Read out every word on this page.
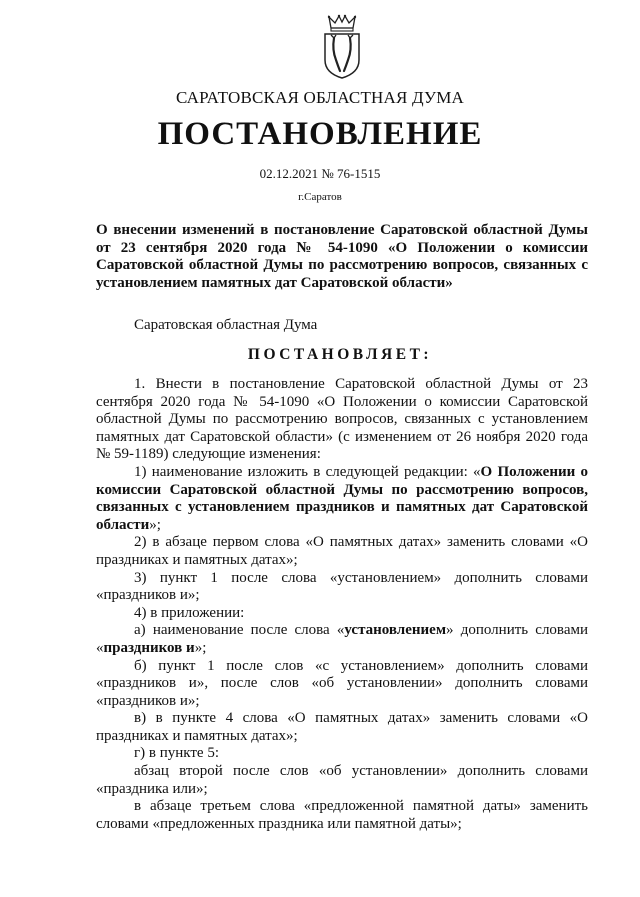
САРАТОВСКАЯ ОБЛАСТНАЯ ДУМА
ПОСТАНОВЛЕНИЕ
02.12.2021 № 76-1515
г.Саратов
О внесении изменений в постановление Саратовской областной Думы от 23 сентября 2020 года № 54-1090 «О Положении о комиссии Саратовской областной Думы по рассмотрению вопросов, связанных с установлением памятных дат Саратовской области»
Саратовская областная Дума
ПОСТАНОВЛЯЕТ:

1. Внести в постановление Саратовской областной Думы от 23 сентября 2020 года № 54-1090 «О Положении о комиссии Саратовской областной Думы по рассмотрению вопросов, связанных с установлением памятных дат Саратовской области» (с изменением от 26 ноября 2020 года № 59-1189) следующие изменения:

1) наименование изложить в следующей редакции: «О Положении о комиссии Саратовской областной Думы по рассмотрению вопросов, связанных с установлением праздников и памятных дат Саратовской области»;

2) в абзаце первом слова «О памятных датах» заменить словами «О праздниках и памятных датах»;

3) пункт 1 после слова «установлением» дополнить словами «праздников и»;

4) в приложении:

а) наименование после слова «установлением» дополнить словами «праздников и»;

б) пункт 1 после слов «с установлением» дополнить словами «праздников и», после слов «об установлении» дополнить словами «праздников и»;

в) в пункте 4 слова «О памятных датах» заменить словами «О праздниках и памятных датах»;

г) в пункте 5:

абзац второй после слов «об установлении» дополнить словами «праздника или»;

в абзаце третьем слова «предложенной памятной даты» заменить словами «предложенных праздника или памятной даты»;
